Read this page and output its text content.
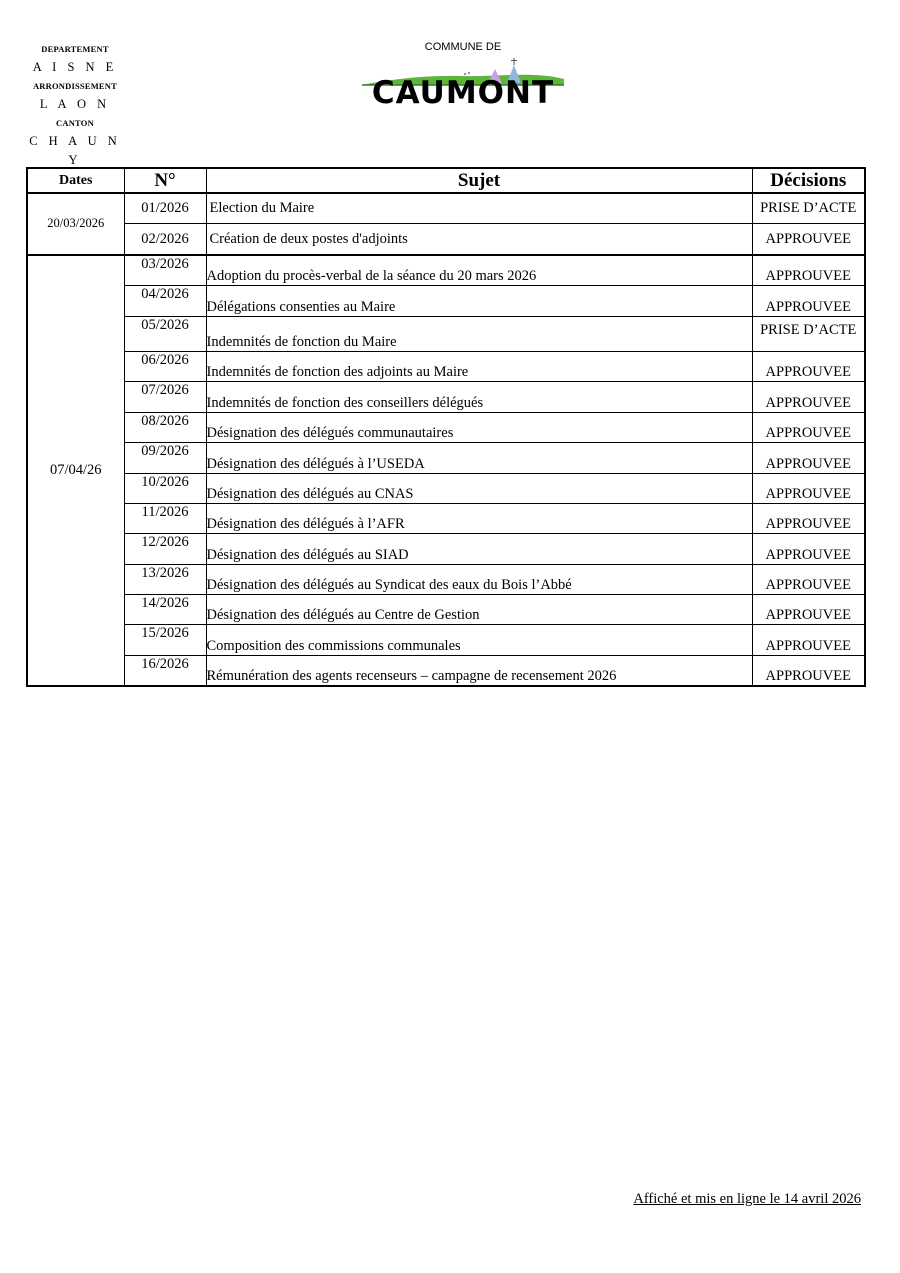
DEPARTEMENT
A I S N E
ARRONDISSEMENT
L A O N
CANTON
C H A U N Y
COMMUNE DE
CAUMONT
Dates	N°	Sujet	Décisions
20/03/2026	01/2026	Election du Maire	PRISE D’ACTE
	02/2026	Création de deux postes d'adjoints	APPROUVEE
07/04/26	03/2026	Adoption du procès-verbal de la séance du 20 mars 2026	APPROUVEE
	04/2026	Délégations consenties au Maire	APPROUVEE
	05/2026	Indemnités de fonction du Maire	PRISE D’ACTE
	06/2026	Indemnités de fonction des adjoints au Maire	APPROUVEE
	07/2026	Indemnités de fonction des conseillers délégués	APPROUVEE
	08/2026	Désignation des délégués communautaires	APPROUVEE
	09/2026	Désignation des délégués à l’USEDA	APPROUVEE
	10/2026	Désignation des délégués au CNAS	APPROUVEE
	11/2026	Désignation des délégués à l’AFR	APPROUVEE
	12/2026	Désignation des délégués au SIAD	APPROUVEE
	13/2026	Désignation des délégués au Syndicat des eaux du Bois l’Abbé	APPROUVEE
	14/2026	Désignation des délégués au Centre de Gestion	APPROUVEE
	15/2026	Composition des commissions communales	APPROUVEE
	16/2026	Rémunération des agents recenseurs – campagne de recensement 2026	APPROUVEE
Affiché et mis en ligne le 14 avril 2026
